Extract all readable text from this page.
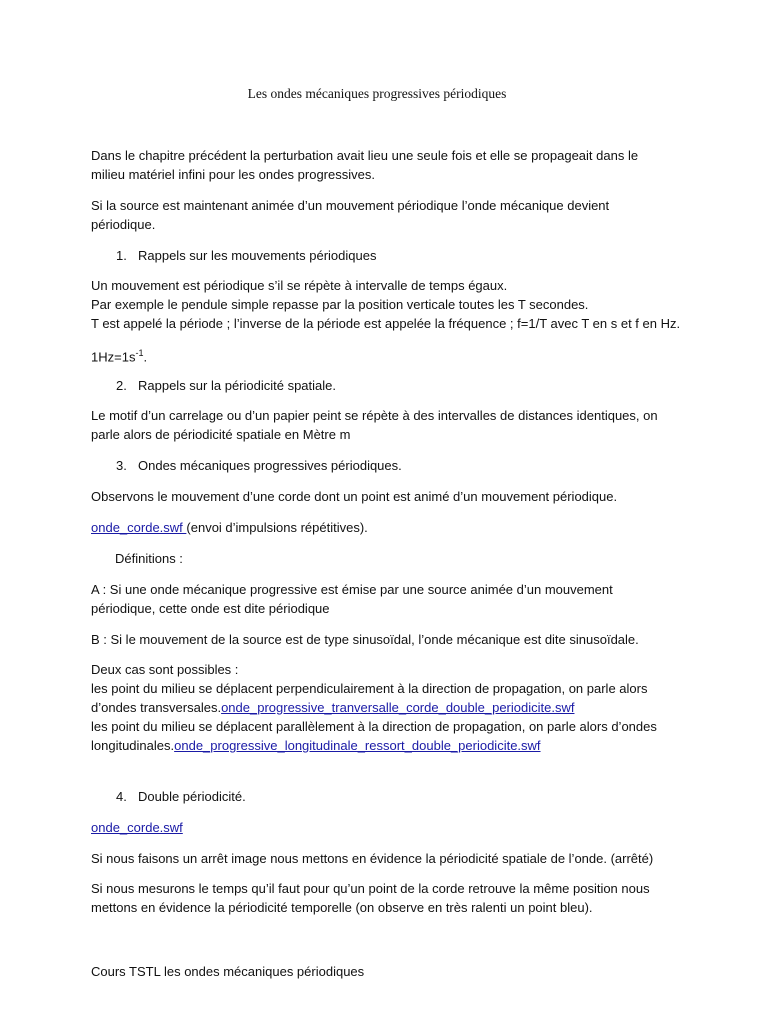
Les ondes mécaniques progressives périodiques

Dans le chapitre précédent la perturbation avait lieu une seule fois et elle se propageait dans le
milieu matériel infini pour les ondes progressives.

Si la source est maintenant animée d’un mouvement périodique l’onde mécanique devient
périodique.

1. Rappels sur les mouvements périodiques

Un mouvement est périodique s’il se répète à intervalle de temps égaux.
Par exemple le pendule simple repasse par la position verticale toutes les T secondes.
T est appelé la période ; l’inverse de la période est appelée la fréquence ; f=1/T avec T en s et f en Hz.

$1Hz=1s^{-1}$.

2. Rappels sur la périodicité spatiale.

Le motif d’un carrelage ou d’un papier peint se répète à des intervalles de distances identiques, on
parle alors de périodicité spatiale en Mètre m

3. Ondes mécaniques progressives périodiques.

Observons le mouvement d’une corde dont un point est animé d’un mouvement périodique.

onde_corde.swf (envoi d’impulsions répétitives).

Définitions :

A : Si une onde mécanique progressive est émise par une source animée d’un mouvement
périodique, cette onde est dite périodique

B : Si le mouvement de la source est de type sinusoïdal, l’onde mécanique est dite sinusoïdale.

Deux cas sont possibles :
les point du milieu se déplacent perpendiculairement à la direction de propagation, on parle alors
d’ondes transversales.onde_progressive_tranversalle_corde_double_periodicite.swf
les point du milieu se déplacent parallèlement à la direction de propagation, on parle alors d’ondes
longitudinales.onde_progressive_longitudinale_ressort_double_periodicite.swf

4. Double périodicité.

onde_corde.swf

Si nous faisons un arrêt image nous mettons en évidence la périodicité spatiale de l’onde. (arrêté)

Si nous mesurons le temps qu’il faut pour qu’un point de la corde retrouve la même position nous
mettons en évidence la périodicité temporelle (on observe en très ralenti un point bleu).

Cours TSTL les ondes mécaniques périodiques
